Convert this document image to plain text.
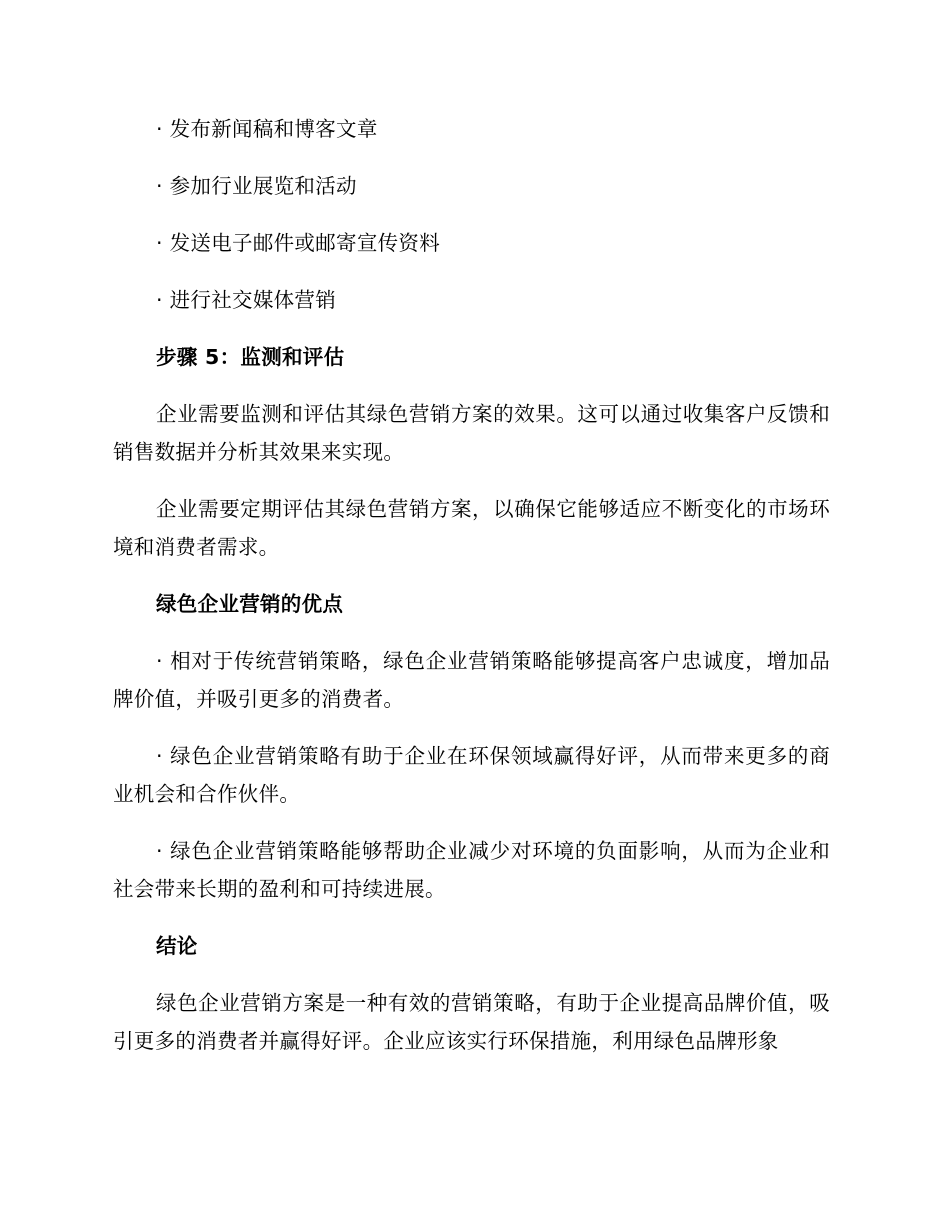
· 发布新闻稿和博客文章

· 参加行业展览和活动

· 发送电子邮件或邮寄宣传资料

· 进行社交媒体营销

步骤 5：监测和评估

企业需要监测和评估其绿色营销方案的效果。这可以通过收集客户反馈和销售数据并分析其效果来实现。

企业需要定期评估其绿色营销方案，以确保它能够适应不断变化的市场环境和消费者需求。

绿色企业营销的优点

· 相对于传统营销策略，绿色企业营销策略能够提高客户忠诚度，增加品牌价值，并吸引更多的消费者。

· 绿色企业营销策略有助于企业在环保领域赢得好评，从而带来更多的商业机会和合作伙伴。

· 绿色企业营销策略能够帮助企业减少对环境的负面影响，从而为企业和社会带来长期的盈利和可持续进展。

结论

绿色企业营销方案是一种有效的营销策略，有助于企业提高品牌价值，吸引更多的消费者并赢得好评。企业应该实行环保措施，利用绿色品牌形象
